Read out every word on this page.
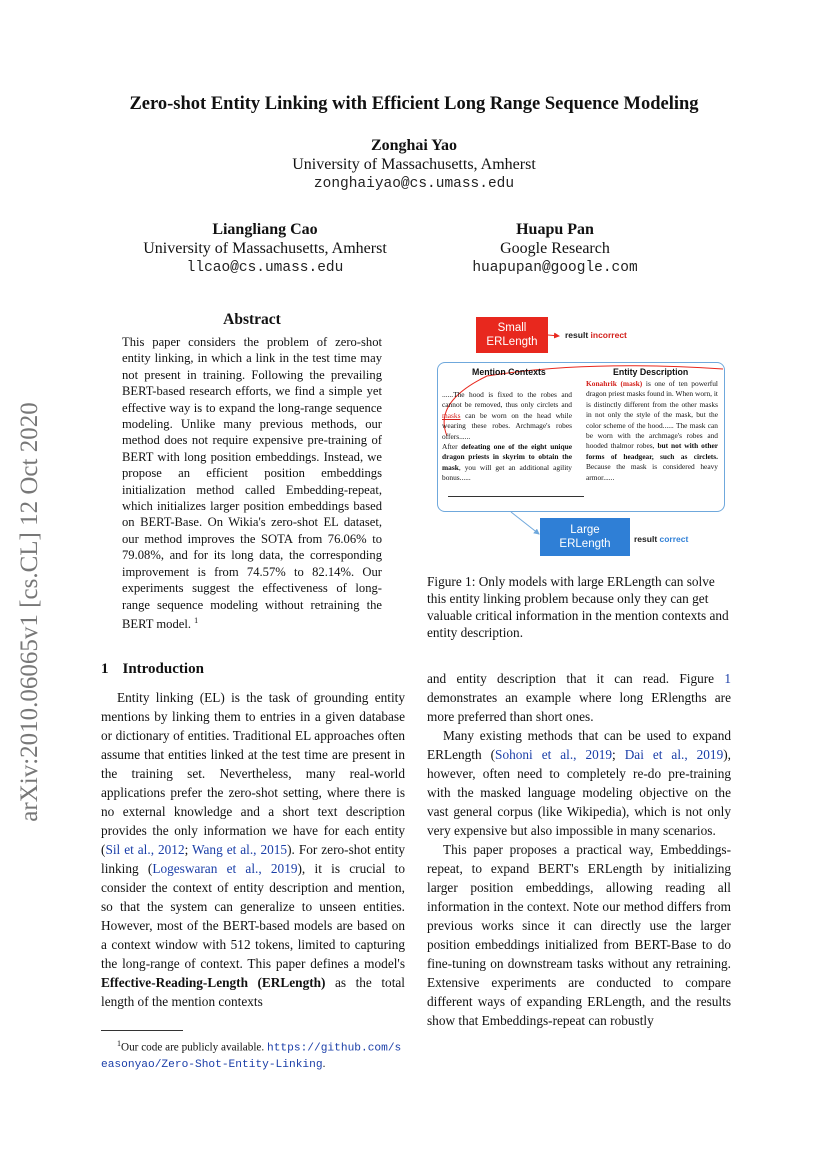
Zero-shot Entity Linking with Efficient Long Range Sequence Modeling
Zonghai Yao
University of Massachusetts, Amherst
zonghaiyao@cs.umass.edu
Liangliang Cao
University of Massachusetts, Amherst
llcao@cs.umass.edu
Huapu Pan
Google Research
huapupan@google.com
arXiv:2010.06065v1 [cs.CL] 12 Oct 2020
Abstract
This paper considers the problem of zero-shot entity linking, in which a link in the test time may not present in training. Following the prevailing BERT-based research efforts, we find a simple yet effective way is to expand the long-range sequence modeling. Unlike many previous methods, our method does not require expensive pre-training of BERT with long position embeddings. Instead, we propose an efficient position embeddings initialization method called Embedding-repeat, which initializes larger position embeddings based on BERT-Base. On Wikia's zero-shot EL dataset, our method improves the SOTA from 76.06% to 79.08%, and for its long data, the corresponding improvement is from 74.57% to 82.14%. Our experiments suggest the effectiveness of long-range sequence modeling without retraining the BERT model. $^1$
1 Introduction

Entity linking (EL) is the task of grounding entity mentions by linking them to entries in a given database or dictionary of entities. Traditional EL approaches often assume that entities linked at the test time are present in the training set. Nevertheless, many real-world applications prefer the zero-shot setting, where there is no external knowledge and a short text description provides the only information we have for each entity (Sil et al., 2012; Wang et al., 2015). For zero-shot entity linking (Logeswaran et al., 2019), it is crucial to consider the context of entity description and mention, so that the system can generalize to unseen entities. However, most of the BERT-based models are based on a context window with 512 tokens, limited to capturing the long-range of context. This paper defines a model's Effective-Reading-Length (ERLength) as the total length of the mention contexts

$^1$Our code are publicly available. https://github.com/seasonyao/Zero-Shot-Entity-Linking.
Small
ERLength
result incorrect
Mention Contexts	Entity Description
......The hood is fixed to the robes and cannot be removed, thus only circlets and masks can be worn on the head while wearing these robes. Archmage's robes offers......
After defeating one of the eight unique dragon priests in skyrim to obtain the mask, you will get an additional agility bonus......
Konahrik (mask) is one of ten powerful dragon priest masks found in. When worn, it is distinctly different from the other masks in not only the style of the mask, but the color scheme of the hood...... The mask can be worn with the archmage's robes and hooded thalmor robes, but not with other forms of headgear, such as circlets. Because the mask is considered heavy armor......
Large
ERLength	result correct
Figure 1: Only models with large ERLength can solve this entity linking problem because only they can get valuable critical information in the mention contexts and entity description.

and entity description that it can read. Figure 1 demonstrates an example where long ERlengths are more preferred than short ones.

Many existing methods that can be used to expand ERLength (Sohoni et al., 2019; Dai et al., 2019), however, often need to completely re-do pre-training with the masked language modeling objective on the vast general corpus (like Wikipedia), which is not only very expensive but also impossible in many scenarios.

This paper proposes a practical way, Embeddings-repeat, to expand BERT's ERLength by initializing larger position embeddings, allowing reading all information in the context. Note our method differs from previous works since it can directly use the larger position embeddings initialized from BERT-Base to do fine-tuning on downstream tasks without any retraining. Extensive experiments are conducted to compare different ways of expanding ERLength, and the results show that Embeddings-repeat can robustly
